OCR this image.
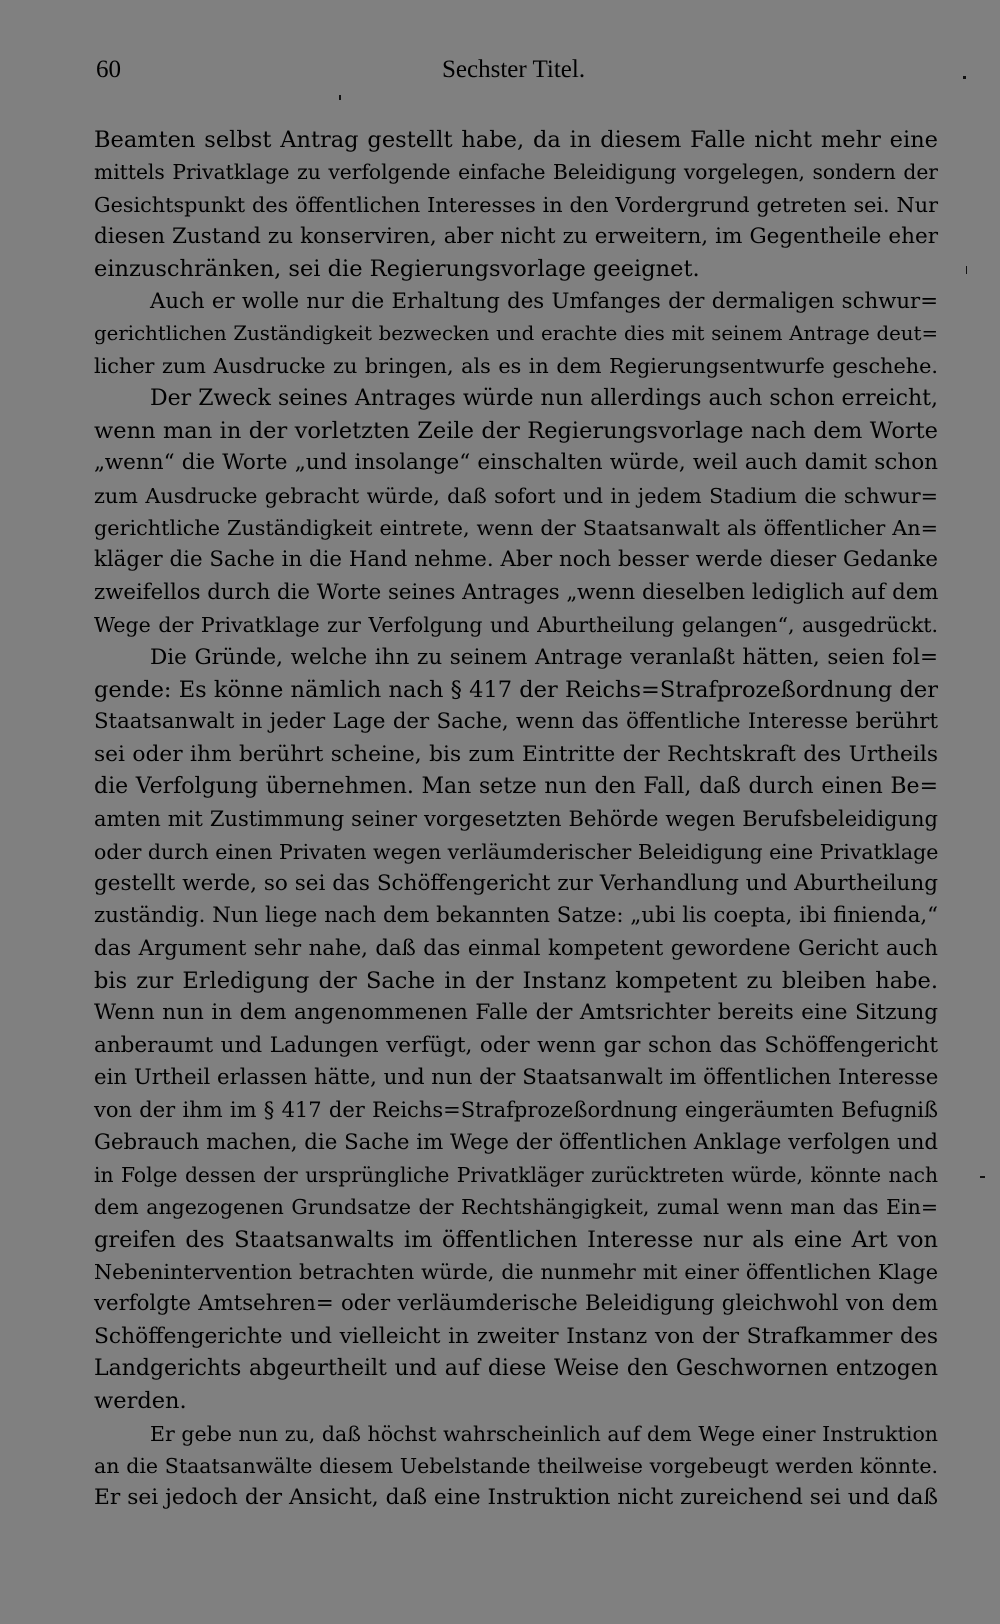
60	Sechster Titel.
Beamten selbst Antrag gestellt habe, da in diesem Falle nicht mehr eine
mittels Privatklage zu verfolgende einfache Beleidigung vorgelegen, sondern der
Gesichtspunkt des öffentlichen Interesses in den Vordergrund getreten sei. Nur
diesen Zustand zu konserviren, aber nicht zu erweitern, im Gegentheile eher
einzuschränken, sei die Regierungsvorlage geeignet.
Auch er wolle nur die Erhaltung des Umfanges der dermaligen schwur=
gerichtlichen Zuständigkeit bezwecken und erachte dies mit seinem Antrage deut=
licher zum Ausdrucke zu bringen, als es in dem Regierungsentwurfe geschehe.
Der Zweck seines Antrages würde nun allerdings auch schon erreicht,
wenn man in der vorletzten Zeile der Regierungsvorlage nach dem Worte
„wenn“ die Worte „und insolange“ einschalten würde, weil auch damit schon
zum Ausdrucke gebracht würde, daß sofort und in jedem Stadium die schwur=
gerichtliche Zuständigkeit eintrete, wenn der Staatsanwalt als öffentlicher An=
kläger die Sache in die Hand nehme. Aber noch besser werde dieser Gedanke
zweifellos durch die Worte seines Antrages „wenn dieselben lediglich auf dem
Wege der Privatklage zur Verfolgung und Aburtheilung gelangen“, ausgedrückt.
Die Gründe, welche ihn zu seinem Antrage veranlaßt hätten, seien fol=
gende: Es könne nämlich nach § 417 der Reichs=Strafprozeßordnung der
Staatsanwalt in jeder Lage der Sache, wenn das öffentliche Interesse berührt
sei oder ihm berührt scheine, bis zum Eintritte der Rechtskraft des Urtheils
die Verfolgung übernehmen. Man setze nun den Fall, daß durch einen Be=
amten mit Zustimmung seiner vorgesetzten Behörde wegen Berufsbeleidigung
oder durch einen Privaten wegen verläumderischer Beleidigung eine Privatklage
gestellt werde, so sei das Schöffengericht zur Verhandlung und Aburtheilung
zuständig. Nun liege nach dem bekannten Satze: „ubi lis coepta, ibi finienda,“
das Argument sehr nahe, daß das einmal kompetent gewordene Gericht auch
bis zur Erledigung der Sache in der Instanz kompetent zu bleiben habe.
Wenn nun in dem angenommenen Falle der Amtsrichter bereits eine Sitzung
anberaumt und Ladungen verfügt, oder wenn gar schon das Schöffengericht
ein Urtheil erlassen hätte, und nun der Staatsanwalt im öffentlichen Interesse
von der ihm im § 417 der Reichs=Strafprozeßordnung eingeräumten Befugniß
Gebrauch machen, die Sache im Wege der öffentlichen Anklage verfolgen und
in Folge dessen der ursprüngliche Privatkläger zurücktreten würde, könnte nach
dem angezogenen Grundsatze der Rechtshängigkeit, zumal wenn man das Ein=
greifen des Staatsanwalts im öffentlichen Interesse nur als eine Art von
Nebenintervention betrachten würde, die nunmehr mit einer öffentlichen Klage
verfolgte Amtsehren= oder verläumderische Beleidigung gleichwohl von dem
Schöffengerichte und vielleicht in zweiter Instanz von der Strafkammer des
Landgerichts abgeurtheilt und auf diese Weise den Geschwornen entzogen
werden.
Er gebe nun zu, daß höchst wahrscheinlich auf dem Wege einer Instruktion
an die Staatsanwälte diesem Uebelstande theilweise vorgebeugt werden könnte.
Er sei jedoch der Ansicht, daß eine Instruktion nicht zureichend sei und daß
